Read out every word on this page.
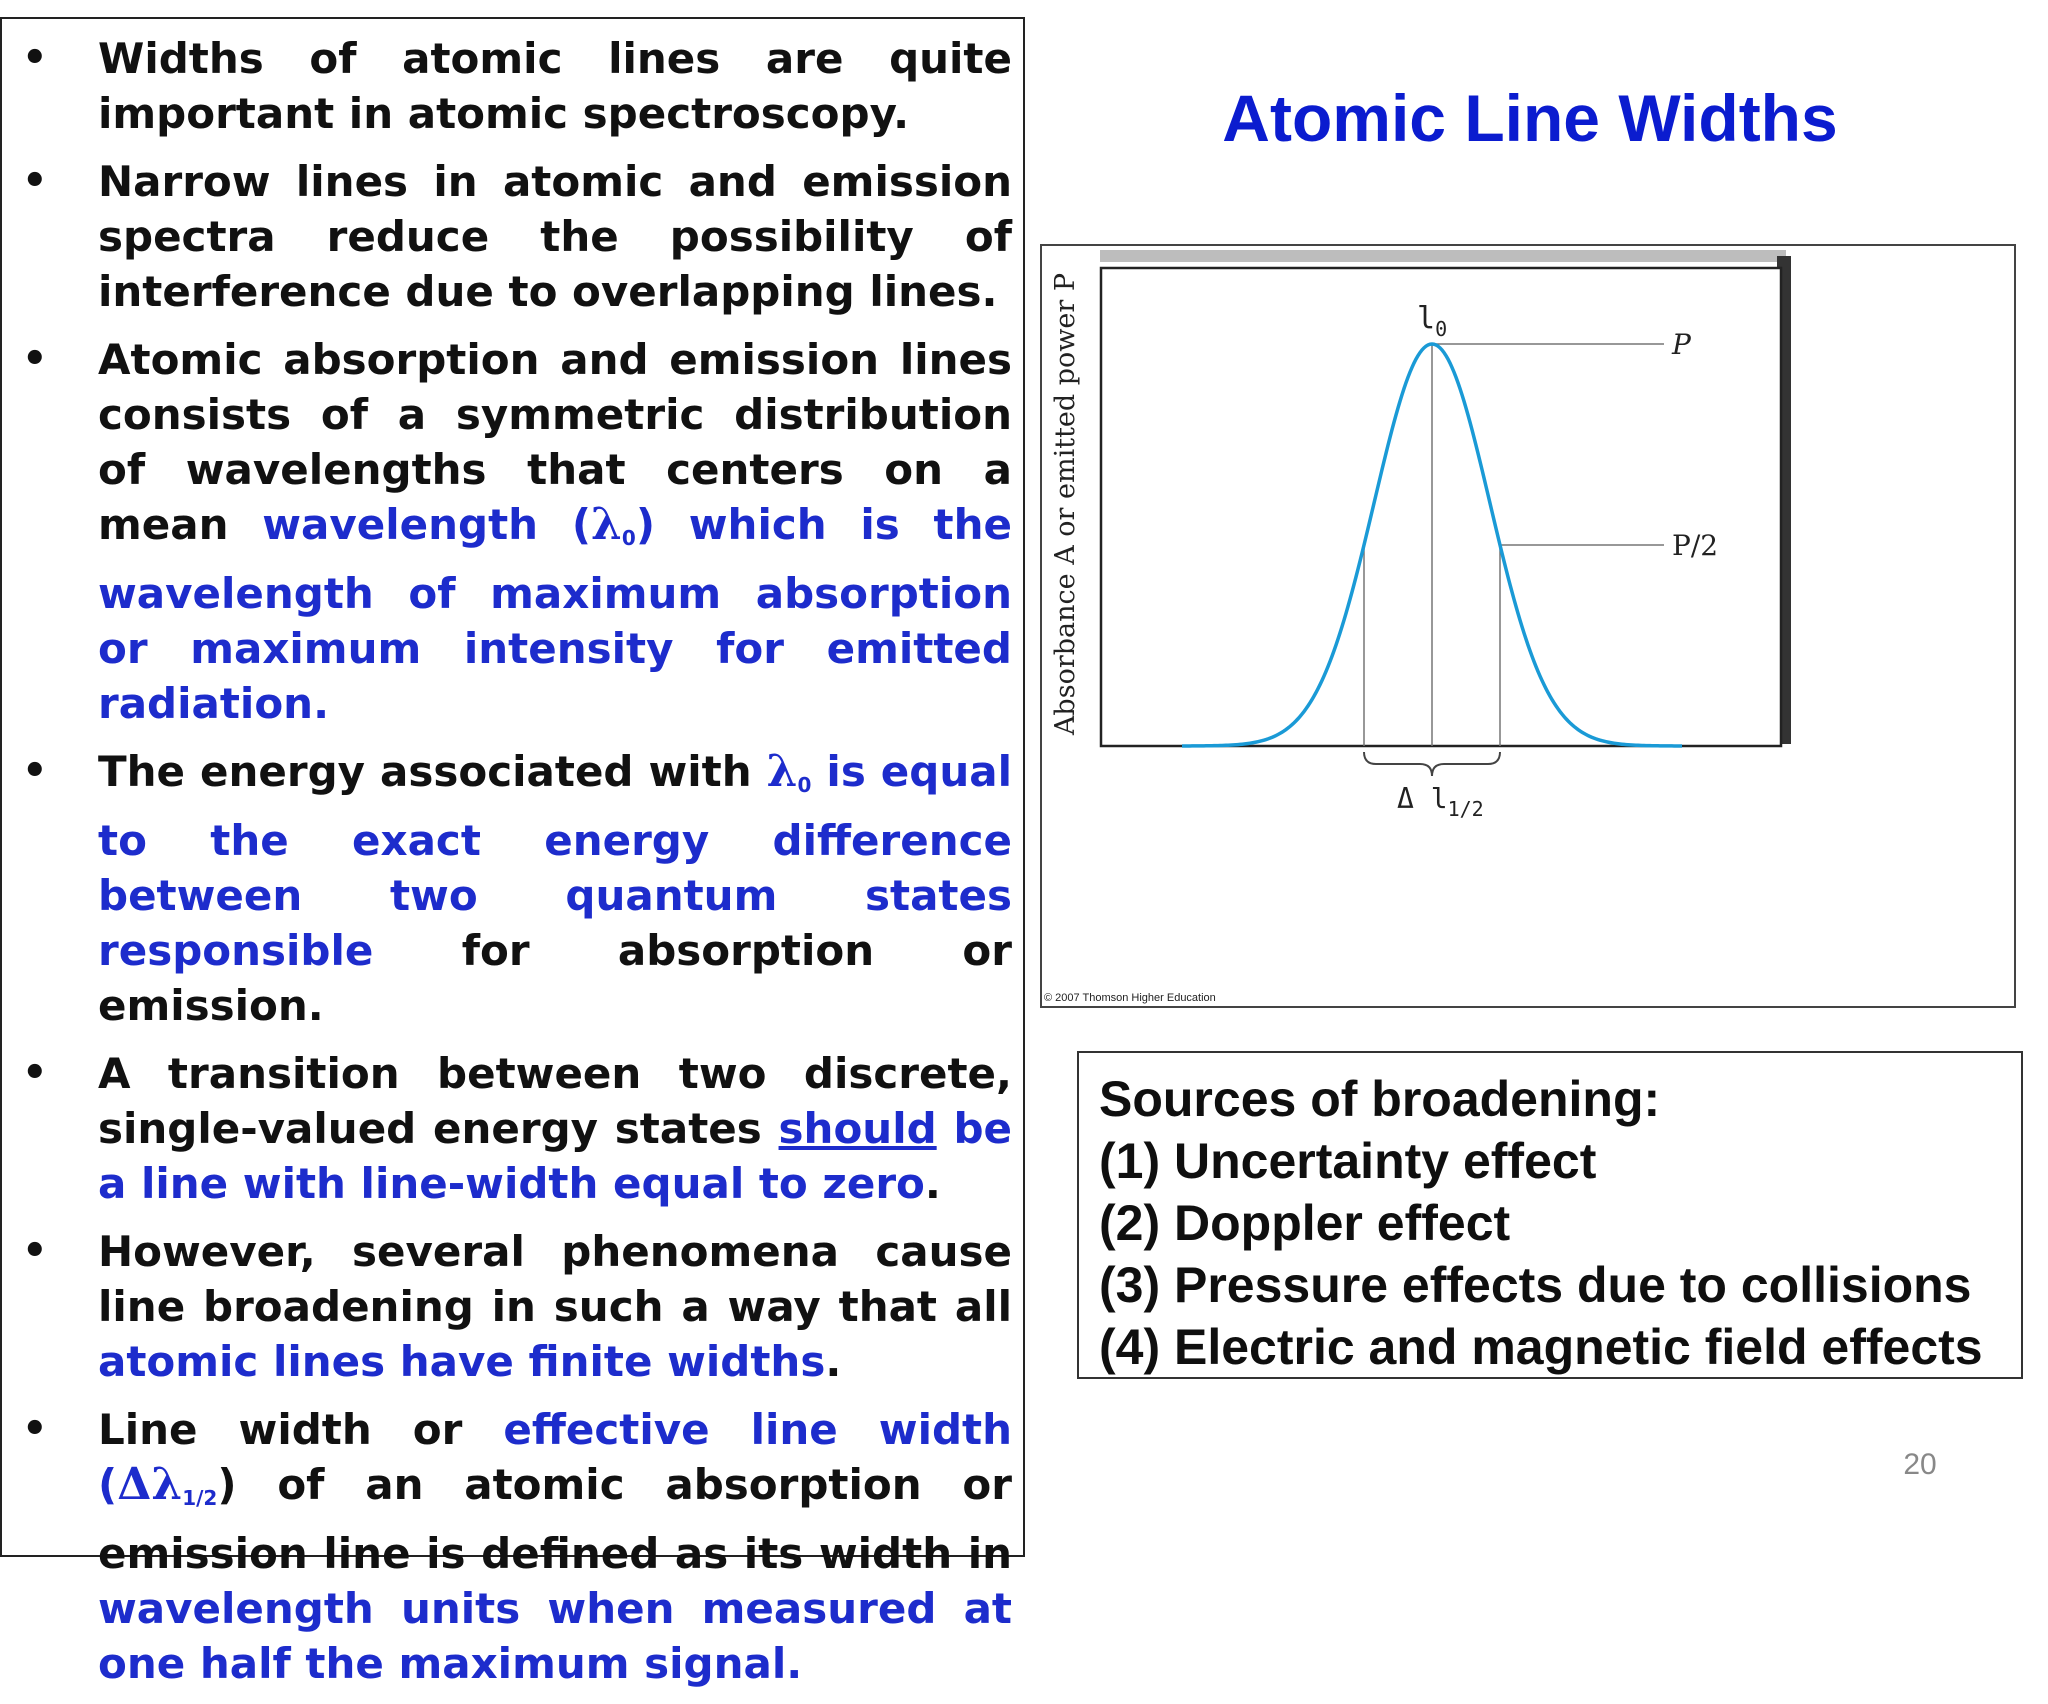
• Widths of atomic lines are quite important in atomic spectroscopy.
• Narrow lines in atomic and emission spectra reduce the possibility of interference due to overlapping lines.
• Atomic absorption and emission lines consists of a symmetric distribution of wavelengths that centers on a mean wavelength $(\lambda_0)$ which is the wavelength of maximum absorption or maximum intensity for emitted radiation.
• The energy associated with $\lambda_0$ is equal to the exact energy difference between two quantum states responsible for absorption or emission.
• A transition between two discrete, single-valued energy states should be a line with line-width equal to zero.
• However, several phenomena cause line broadening in such a way that all atomic lines have finite widths.
• Line width or effective line width $(\Delta\lambda_{1/2})$ of an atomic absorption or emission line is defined as its width in wavelength units when measured at one half the maximum signal.
Atomic Line Widths
Absorbance A or emitted power P	$l_0$	P
P/2
Δ $l_{1/2}$
© 2007 Thomson Higher Education
Sources of broadening:
(1) Uncertainty effect
(2) Doppler effect
(3) Pressure effects due to collisions
(4) Electric and magnetic field effects
20
